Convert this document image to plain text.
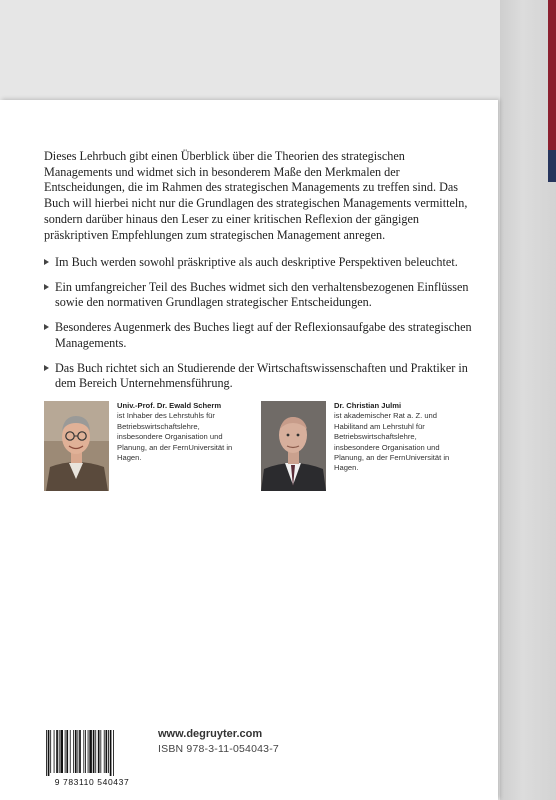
Dieses Lehrbuch gibt einen Überblick über die Theorien des strategischen Managements und widmet sich in besonderem Maße den Merkmalen der Entscheidungen, die im Rahmen des strategischen Managements zu treffen sind. Das Buch will hierbei nicht nur die Grundlagen des strategischen Managements vermitteln, sondern darüber hinaus den Leser zu einer kritischen Reflexion der gängigen präskriptiven Empfehlungen zum strategischen Management anregen.

Im Buch werden sowohl präskriptive als auch deskriptive Perspektiven beleuchtet.
Ein umfangreicher Teil des Buches widmet sich den verhaltensbezogenen Einflüssen sowie den normativen Grundlagen strategischer Entscheidungen.
Besonderes Augenmerk des Buches liegt auf der Reflexionsaufgabe des strategischen Managements.
Das Buch richtet sich an Studierende der Wirtschaftswissenschaften und Praktiker in dem Bereich Unternehmensführung.
Univ.-Prof. Dr. Ewald Scherm
ist Inhaber des Lehrstuhls für Betriebswirtschaftslehre, insbesondere Organisation und Planung, an der FernUniversität in Hagen.
Dr. Christian Julmi
ist akademischer Rat a. Z. und Habilitand am Lehrstuhl für Betriebswirtschaftslehre, insbesondere Organisation und Planung, an der FernUniversität in Hagen.
9 783110 540437
www.degruyter.com
ISBN 978-3-11-054043-7
